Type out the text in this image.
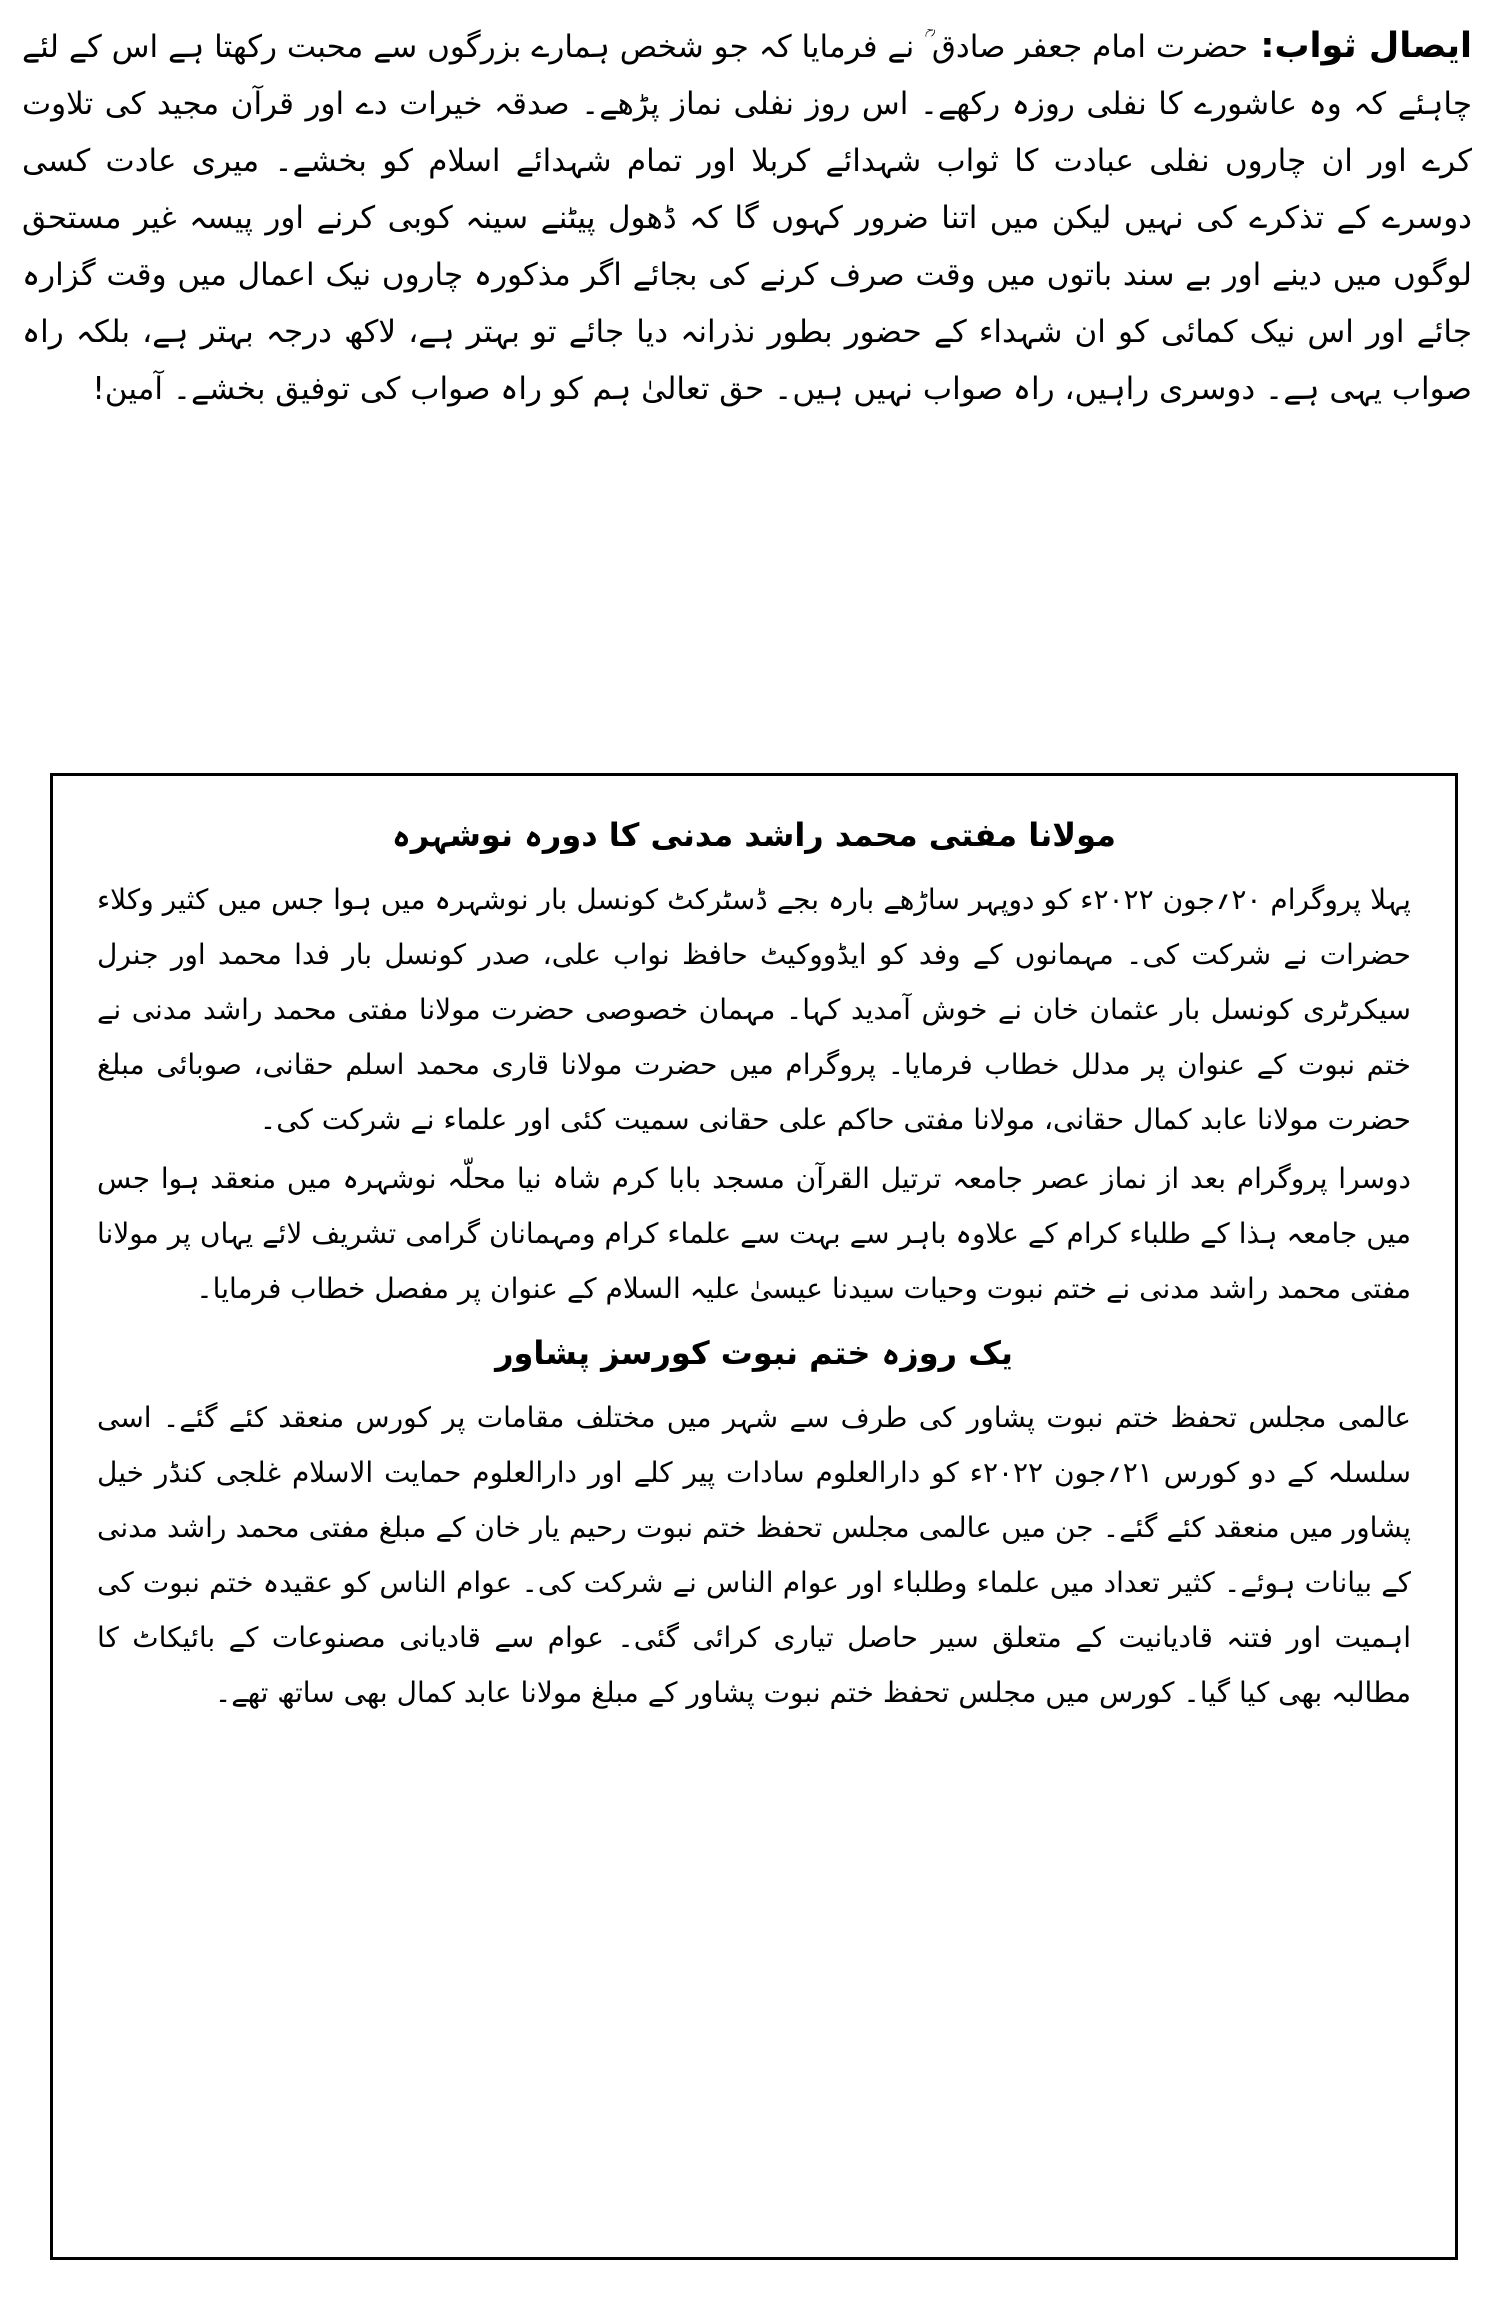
ایصال ثواب: حضرت امام جعفر صادق ؒ نے فرمایا کہ جو شخص ہمارے بزرگوں سے محبت رکھتا ہے اس کے لئے چاہئے کہ وہ عاشورے کا نفلی روزہ رکھے۔ اس روز نفلی نماز پڑھے۔ صدقہ خیرات دے اور قرآن مجید کی تلاوت کرے اور ان چاروں نفلی عبادت کا ثواب شہدائے کربلا اور تمام شہدائے اسلام کو بخشے۔ میری عادت کسی دوسرے کے تذکرے کی نہیں لیکن میں اتنا ضرور کہوں گا کہ ڈھول پیٹنے سینہ کوبی کرنے اور پیسہ غیر مستحق لوگوں میں دینے اور بے سند باتوں میں وقت صرف کرنے کی بجائے اگر مذکورہ چاروں نیک اعمال میں وقت گزارہ جائے اور اس نیک کمائی کو ان شہداء کے حضور بطور نذرانہ دیا جائے تو بہتر ہے، لاکھ درجہ بہتر ہے، بلکہ راہ صواب یہی ہے۔ دوسری راہیں، راہ صواب نہیں ہیں۔ حق تعالیٰ ہم کو راہ صواب کی توفیق بخشے۔ آمین!

مولانا مفتی محمد راشد مدنی کا دورہ نوشہرہ

پہلا پروگرام ۲۰؍جون ۲۰۲۲ء کو دوپہر ساڑھے بارہ بجے ڈسٹرکٹ کونسل بار نوشہرہ میں ہوا جس میں کثیر وکلاء حضرات نے شرکت کی۔ مہمانوں کے وفد کو ایڈووکیٹ حافظ نواب علی، صدر کونسل بار فدا محمد اور جنرل سیکرٹری کونسل بار عثمان خان نے خوش آمدید کہا۔ مہمان خصوصی حضرت مولانا مفتی محمد راشد مدنی نے ختم نبوت کے عنوان پر مدلل خطاب فرمایا۔ پروگرام میں حضرت مولانا قاری محمد اسلم حقانی، صوبائی مبلغ حضرت مولانا عابد کمال حقانی، مولانا مفتی حاکم علی حقانی سمیت کئی اور علماء نے شرکت کی۔

دوسرا پروگرام بعد از نماز عصر جامعہ ترتیل القرآن مسجد بابا کرم شاہ نیا محلّہ نوشہرہ میں منعقد ہوا جس میں جامعہ ہذا کے طلباء کرام کے علاوہ باہر سے بہت سے علماء کرام ومہمانان گرامی تشریف لائے یہاں پر مولانا مفتی محمد راشد مدنی نے ختم نبوت وحیات سیدنا عیسیٰ علیہ السلام کے عنوان پر مفصل خطاب فرمایا۔

یک روزہ ختم نبوت کورسز پشاور

عالمی مجلس تحفظ ختم نبوت پشاور کی طرف سے شہر میں مختلف مقامات پر کورس منعقد کئے گئے۔ اسی سلسلہ کے دو کورس ۲۱؍جون ۲۰۲۲ء کو دارالعلوم سادات پیر کلے اور دارالعلوم حمایت الاسلام غلجی کنڈر خیل پشاور میں منعقد کئے گئے۔ جن میں عالمی مجلس تحفظ ختم نبوت رحیم یار خان کے مبلغ مفتی محمد راشد مدنی کے بیانات ہوئے۔ کثیر تعداد میں علماء وطلباء اور عوام الناس نے شرکت کی۔ عوام الناس کو عقیدہ ختم نبوت کی اہمیت اور فتنہ قادیانیت کے متعلق سیر حاصل تیاری کرائی گئی۔ عوام سے قادیانی مصنوعات کے بائیکاٹ کا مطالبہ بھی کیا گیا۔ کورس میں مجلس تحفظ ختم نبوت پشاور کے مبلغ مولانا عابد کمال بھی ساتھ تھے۔
